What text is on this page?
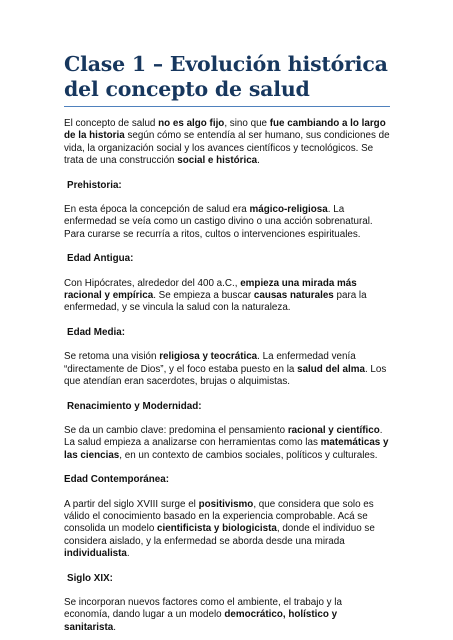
Clase 1 – Evolución histórica del concepto de salud

El concepto de salud no es algo fijo, sino que fue cambiando a lo largo de la historia según cómo se entendía al ser humano, sus condiciones de vida, la organización social y los avances científicos y tecnológicos. Se trata de una construcción social e histórica.

Prehistoria:

En esta época la concepción de salud era mágico-religiosa. La enfermedad se veía como un castigo divino o una acción sobrenatural. Para curarse se recurría a ritos, cultos o intervenciones espirituales.

Edad Antigua:

Con Hipócrates, alrededor del 400 a.C., empieza una mirada más racional y empírica. Se empieza a buscar causas naturales para la enfermedad, y se vincula la salud con la naturaleza.

Edad Media:

Se retoma una visión religiosa y teocrática. La enfermedad venía “directamente de Dios”, y el foco estaba puesto en la salud del alma. Los que atendían eran sacerdotes, brujas o alquimistas.

Renacimiento y Modernidad:

Se da un cambio clave: predomina el pensamiento racional y científico. La salud empieza a analizarse con herramientas como las matemáticas y las ciencias, en un contexto de cambios sociales, políticos y culturales.

Edad Contemporánea:

A partir del siglo XVIII surge el positivismo, que considera que solo es válido el conocimiento basado en la experiencia comprobable. Acá se consolida un modelo cientificista y biologicista, donde el individuo se considera aislado, y la enfermedad se aborda desde una mirada individualista.

Siglo XIX:

Se incorporan nuevos factores como el ambiente, el trabajo y la economía, dando lugar a un modelo democrático, holístico y sanitarista.
